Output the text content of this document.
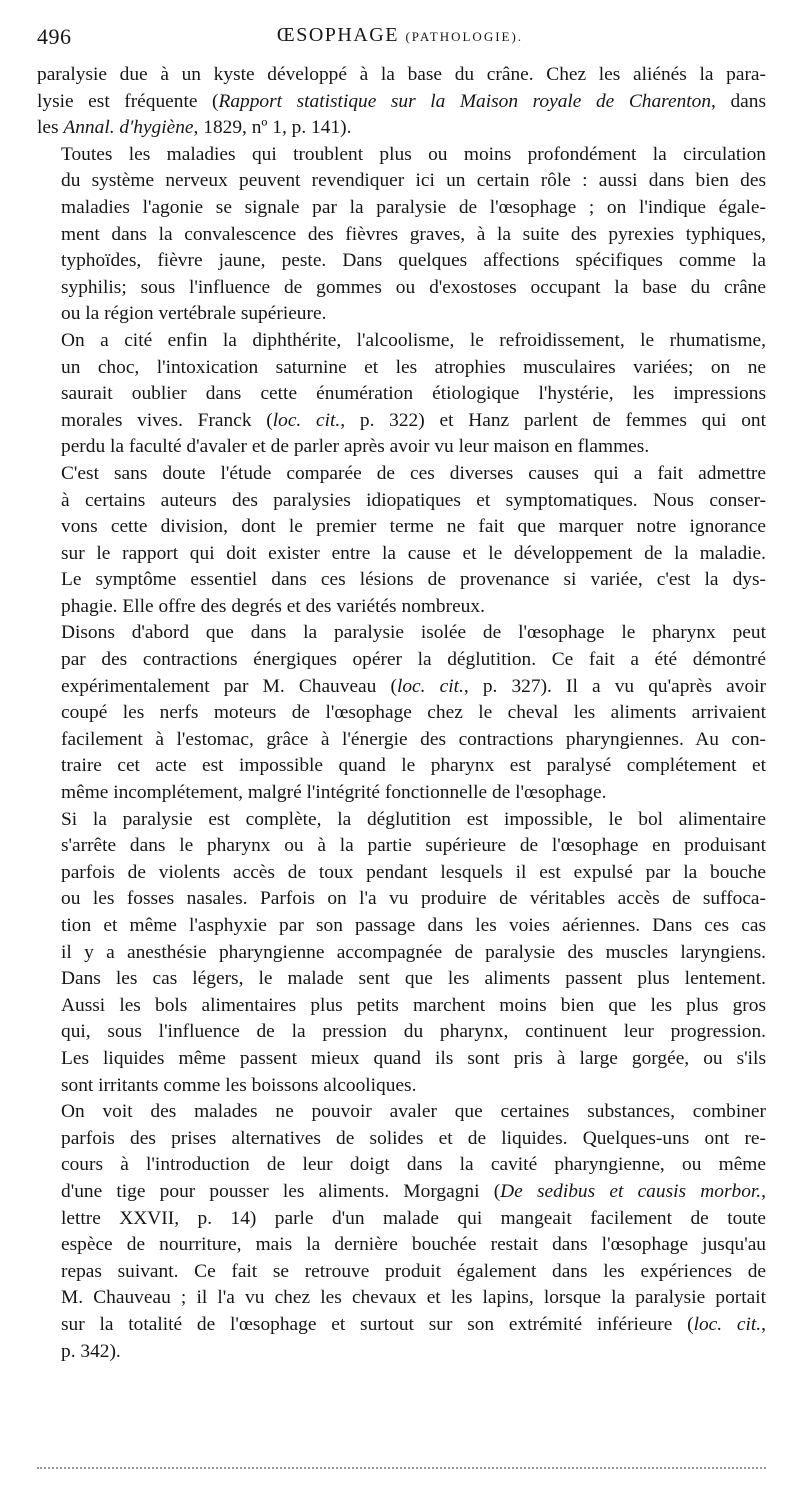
496	ŒSOPHAGE (PATHOLOGIE).
paralysie due à un kyste développé à la base du crâne. Chez les aliénés la para-
lysie est fréquente (Rapport statistique sur la Maison royale de Charenton, dans
les Annal. d'hygiène, 1829, nº 1, p. 141).
Toutes les maladies qui troublent plus ou moins profondément la circulation
du système nerveux peuvent revendiquer ici un certain rôle : aussi dans bien des
maladies l'agonie se signale par la paralysie de l'œsophage ; on l'indique égale-
ment dans la convalescence des fièvres graves, à la suite des pyrexies typhiques,
typhoïdes, fièvre jaune, peste. Dans quelques affections spécifiques comme la
syphilis; sous l'influence de gommes ou d'exostoses occupant la base du crâne
ou la région vertébrale supérieure.
On a cité enfin la diphthérite, l'alcoolisme, le refroidissement, le rhumatisme,
un choc, l'intoxication saturnine et les atrophies musculaires variées; on ne
saurait oublier dans cette énumération étiologique l'hystérie, les impressions
morales vives. Franck (loc. cit., p. 322) et Hanz parlent de femmes qui ont
perdu la faculté d'avaler et de parler après avoir vu leur maison en flammes.
C'est sans doute l'étude comparée de ces diverses causes qui a fait admettre
à certains auteurs des paralysies idiopatiques et symptomatiques. Nous conser-
vons cette division, dont le premier terme ne fait que marquer notre ignorance
sur le rapport qui doit exister entre la cause et le développement de la maladie.
Le symptôme essentiel dans ces lésions de provenance si variée, c'est la dys-
phagie. Elle offre des degrés et des variétés nombreux.
Disons d'abord que dans la paralysie isolée de l'œsophage le pharynx peut
par des contractions énergiques opérer la déglutition. Ce fait a été démontré
expérimentalement par M. Chauveau (loc. cit., p. 327). Il a vu qu'après avoir
coupé les nerfs moteurs de l'œsophage chez le cheval les aliments arrivaient
facilement à l'estomac, grâce à l'énergie des contractions pharyngiennes. Au con-
traire cet acte est impossible quand le pharynx est paralysé complétement et
même incomplétement, malgré l'intégrité fonctionnelle de l'œsophage.
Si la paralysie est complète, la déglutition est impossible, le bol alimentaire
s'arrête dans le pharynx ou à la partie supérieure de l'œsophage en produisant
parfois de violents accès de toux pendant lesquels il est expulsé par la bouche
ou les fosses nasales. Parfois on l'a vu produire de véritables accès de suffoca-
tion et même l'asphyxie par son passage dans les voies aériennes. Dans ces cas
il y a anesthésie pharyngienne accompagnée de paralysie des muscles laryngiens.
Dans les cas légers, le malade sent que les aliments passent plus lentement.
Aussi les bols alimentaires plus petits marchent moins bien que les plus gros
qui, sous l'influence de la pression du pharynx, continuent leur progression.
Les liquides même passent mieux quand ils sont pris à large gorgée, ou s'ils
sont irritants comme les boissons alcooliques.
On voit des malades ne pouvoir avaler que certaines substances, combiner
parfois des prises alternatives de solides et de liquides. Quelques-uns ont re-
cours à l'introduction de leur doigt dans la cavité pharyngienne, ou même
d'une tige pour pousser les aliments. Morgagni (De sedibus et causis morbor.,
lettre XXVII, p. 14) parle d'un malade qui mangeait facilement de toute
espèce de nourriture, mais la dernière bouchée restait dans l'œsophage jusqu'au
repas suivant. Ce fait se retrouve produit également dans les expériences de
M. Chauveau ; il l'a vu chez les chevaux et les lapins, lorsque la paralysie portait
sur la totalité de l'œsophage et surtout sur son extrémité inférieure (loc. cit.,
p. 342).
